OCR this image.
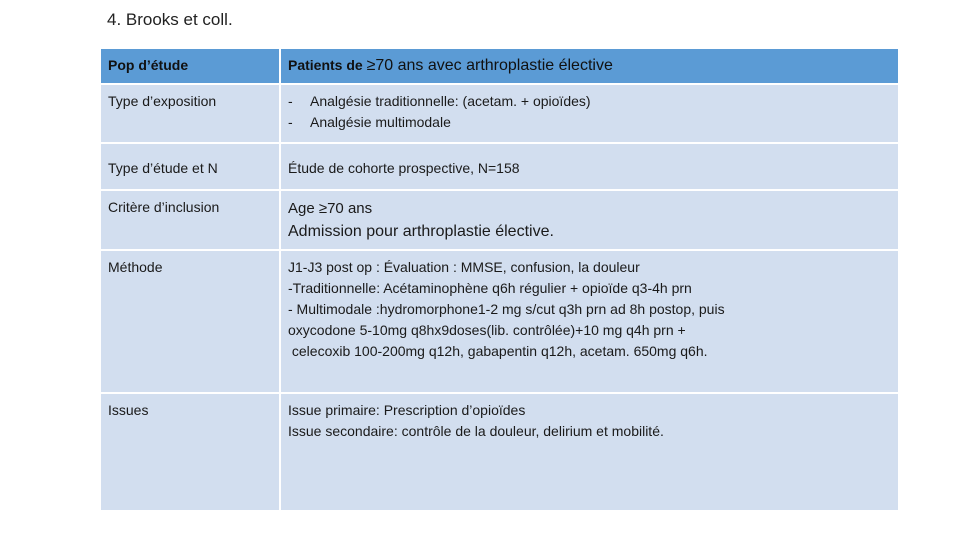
4. Brooks et coll.
Pop d’étude	Patients de ≥70 ans avec arthroplastie élective
Type d’exposition	- Analgésie traditionnelle: (acetam. + opioïdes)
- Analgésie multimodale

Type d’étude et N	Étude de cohorte prospective, N=158
Critère d’inclusion	Age ≥70 ans
Admission pour arthroplastie élective.

Méthode	J1-J3 post op : Évaluation : MMSE, confusion, la douleur
-Traditionnelle: Acétaminophène q6h régulier + opioïde q3-4h prn
- Multimodale :hydromorphone1-2 mg s/cut q3h prn ad 8h postop, puis
oxycodone 5-10mg q8hx9doses(lib. contrôlée)+10 mg q4h prn +
celecoxib 100-200mg q12h, gabapentin q12h, acetam. 650mg q6h.

Issues	Issue primaire: Prescription d’opioïdes
Issue secondaire: contrôle de la douleur, delirium et mobilité.
